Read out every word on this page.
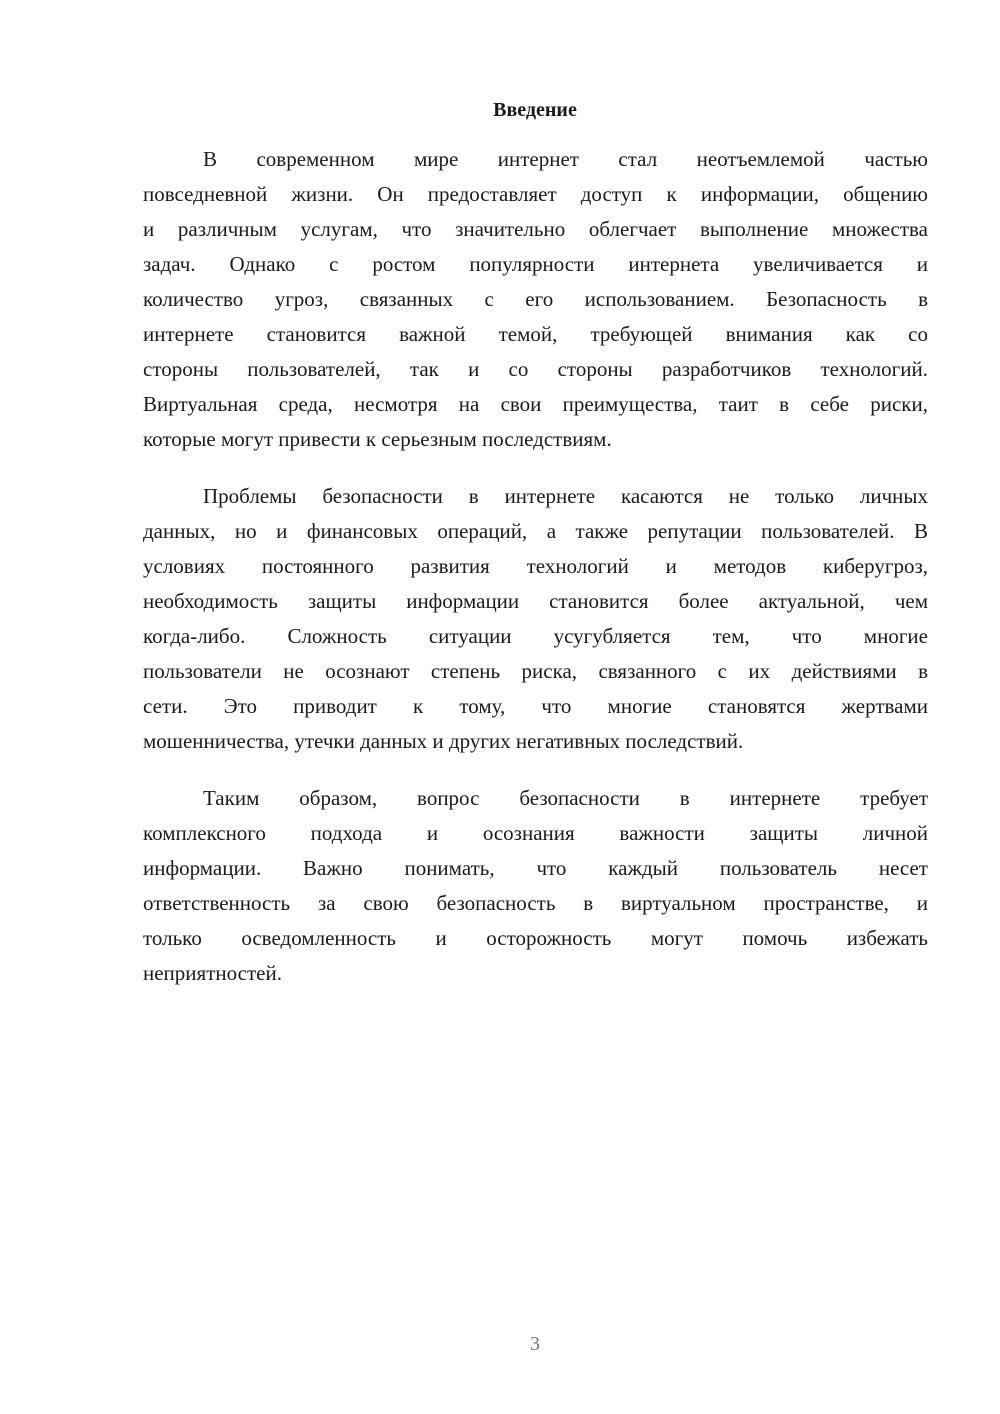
Введение
В современном мире интернет стал неотъемлемой частью
повседневной жизни. Он предоставляет доступ к информации, общению
и различным услугам, что значительно облегчает выполнение множества
задач. Однако с ростом популярности интернета увеличивается и
количество угроз, связанных с его использованием. Безопасность в
интернете становится важной темой, требующей внимания как со
стороны пользователей, так и со стороны разработчиков технологий.
Виртуальная среда, несмотря на свои преимущества, таит в себе риски,
которые могут привести к серьезным последствиям.
Проблемы безопасности в интернете касаются не только личных
данных, но и финансовых операций, а также репутации пользователей. В
условиях постоянного развития технологий и методов киберугроз,
необходимость защиты информации становится более актуальной, чем
когда-либо. Сложность ситуации усугубляется тем, что многие
пользователи не осознают степень риска, связанного с их действиями в
сети. Это приводит к тому, что многие становятся жертвами
мошенничества, утечки данных и других негативных последствий.
Таким образом, вопрос безопасности в интернете требует
комплексного подхода и осознания важности защиты личной
информации. Важно понимать, что каждый пользователь несет
ответственность за свою безопасность в виртуальном пространстве, и
только осведомленность и осторожность могут помочь избежать
неприятностей.
3
